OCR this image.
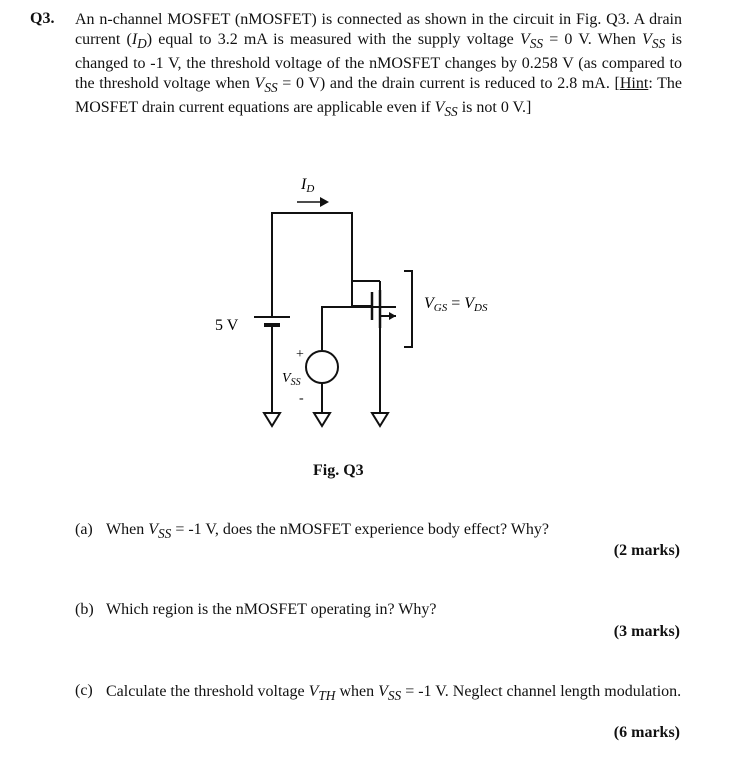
Q3. An n-channel MOSFET (nMOSFET) is connected as shown in the circuit in Fig. Q3. A drain current $(I_D)$ equal to 3.2 mA is measured with the supply voltage $V_{SS} = 0$ V. When $V_{SS}$ is changed to -1 V, the threshold voltage of the nMOSFET changes by 0.258 V (as compared to the threshold voltage when $V_{SS} = 0$ V) and the drain current is reduced to 2.8 mA. [Hint: The MOSFET drain current equations are applicable even if $V_{SS}$ is not 0 V.]
ID
5 V
+
-
$V_{SS}$
VGS = VDS
Fig. Q3
(a) When $V_{SS} = -1$ V, does the nMOSFET experience body effect? Why?
(2 marks)
(b) Which region is the nMOSFET operating in? Why?
(3 marks)
(c) Calculate the threshold voltage $V_{TH}$ when $V_{SS} = -1$ V. Neglect channel length modulation.
(6 marks)
